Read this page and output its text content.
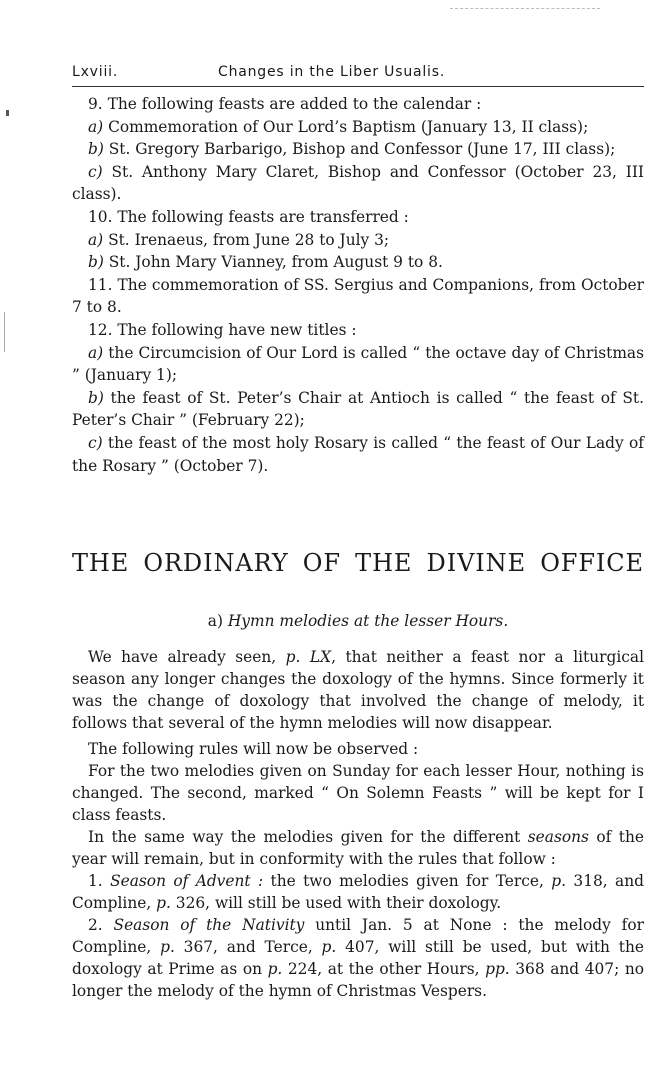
Lxviii.	Changes in the Liber Usualis.

9. The following feasts are added to the calendar :

a) Commemoration of Our Lord’s Baptism (January 13, II class);

b) St. Gregory Barbarigo, Bishop and Confessor (June 17, III class);

c) St. Anthony Mary Claret, Bishop and Confessor (October 23, III class).

10. The following feasts are transferred :

a) St. Irenaeus, from June 28 to July 3;

b) St. John Mary Vianney, from August 9 to 8.

11. The commemoration of SS. Sergius and Companions, from October 7 to 8.

12. The following have new titles :

a) the Circumcision of Our Lord is called “ the octave day of Christmas ” (January 1);

b) the feast of St. Peter’s Chair at Antioch is called “ the feast of St. Peter’s Chair ” (February 22);

c) the feast of the most holy Rosary is called “ the feast of Our Lady of the Rosary ” (October 7).

THE ORDINARY OF THE DIVINE OFFICE
a) Hymn melodies at the lesser Hours.

We have already seen, p. LX, that neither a feast nor a liturgical season any longer changes the doxology of the hymns. Since formerly it was the change of doxology that involved the change of melody, it follows that several of the hymn melodies will now disappear.

The following rules will now be observed :

For the two melodies given on Sunday for each lesser Hour, nothing is changed. The second, marked “ On Solemn Feasts ” will be kept for I class feasts.

In the same way the melodies given for the different seasons of the year will remain, but in conformity with the rules that follow :

1. Season of Advent : the two melodies given for Terce, p. 318, and Compline, p. 326, will still be used with their doxology.

2. Season of the Nativity until Jan. 5 at None : the melody for Compline, p. 367, and Terce, p. 407, will still be used, but with the doxology at Prime as on p. 224, at the other Hours, pp. 368 and 407; no longer the melody of the hymn of Christmas Vespers.
